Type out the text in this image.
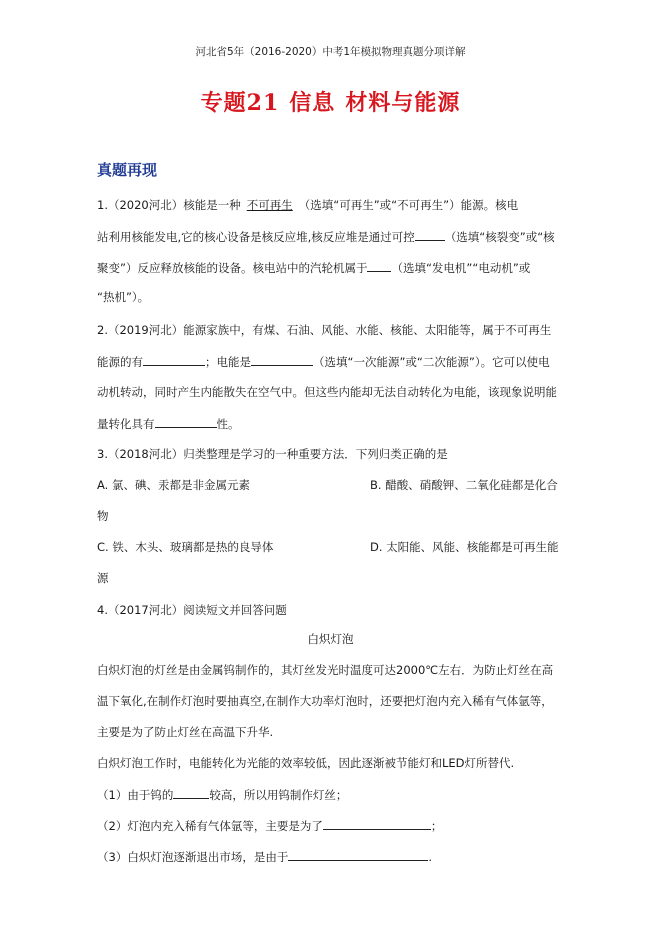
河北省5年（2016-2020）中考1年模拟物理真题分项详解
专题21 信息 材料与能源
真题再现
1.（2020河北）核能是一种 不可再生 （选填“可再生”或“不可再生”）能源。核电
站利用核能发电,它的核心设备是核反应堆,核反应堆是通过可控	（选填“核裂变”或“核
聚变”）反应释放核能的设备。核电站中的汽轮机属于 （选填“发电机”“电动机”或
“热机”）。
2.（2019河北）能源家族中，有煤、石油、风能、水能、核能、太阳能等，属于不可再生
能源的有	；电能是	（选填“一次能源”或“二次能源”）。它可以使电
动机转动，同时产生内能散失在空气中。但这些内能却无法自动转化为电能，该现象说明能
量转化具有	性。
3.（2018河北）归类整理是学习的一种重要方法．下列归类正确的是
A. 氯、碘、汞都是非金属元素	B. 醋酸、硝酸钾、二氧化硅都是化合
物
C. 铁、木头、玻璃都是热的良导体	D. 太阳能、风能、核能都是可再生能
源
4.（2017河北）阅读短文并回答问题
白炽灯泡
白炽灯泡的灯丝是由金属钨制作的，其灯丝发光时温度可达2000℃左右．为防止灯丝在高
温下氧化,在制作灯泡时要抽真空,在制作大功率灯泡时，还要把灯泡内充入稀有气体氩等，
主要是为了防止灯丝在高温下升华.
白炽灯泡工作时，电能转化为光能的效率较低，因此逐渐被节能灯和LED灯所替代.
（1）由于钨的	较高，所以用钨制作灯丝；
（2）灯泡内充入稀有气体氩等，主要是为了	；
（3）白炽灯泡逐渐退出市场，是由于	.
